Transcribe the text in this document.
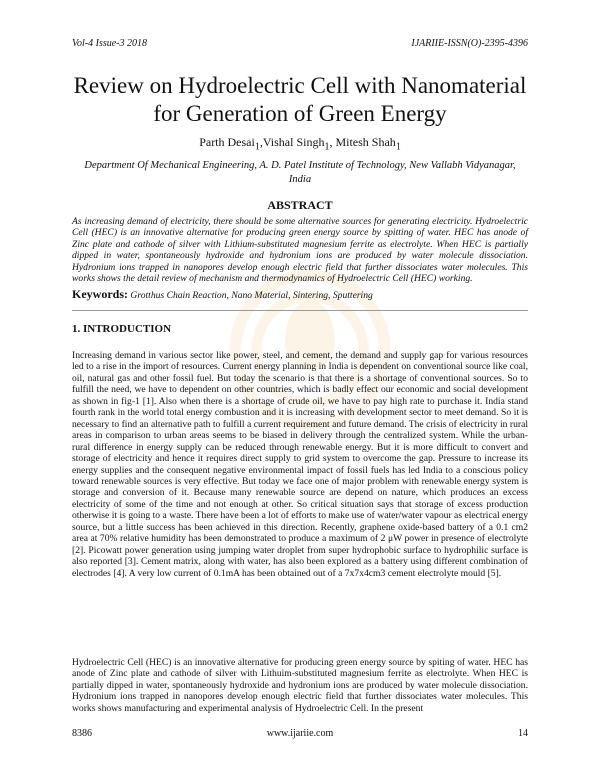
Vol-4 Issue-3 2018	IJARIIE-ISSN(O)-2395-4396
Review on Hydroelectric Cell with Nanomaterial for Generation of Green Energy
Parth Desai$_1$,Vishal Singh$_1$, Mitesh Shah$_1$
Department Of Mechanical Engineering, A. D. Patel Institute of Technology, New Vallabh Vidyanagar, India
ABSTRACT
As increasing demand of electricity, there should be some alternative sources for generating electricity. Hydroelectric Cell (HEC) is an innovative alternative for producing green energy source by spitting of water. HEC has anode of Zinc plate and cathode of silver with Lithium-substituted magnesium ferrite as electrolyte. When HEC is partially dipped in water, spontaneously hydroxide and hydronium ions are produced by water molecule dissociation. Hydronium ions trapped in nanopores develop enough electric field that further dissociates water molecules. This works shows the detail review of mechanism and thermodynamics of Hydroelectric Cell (HEC) working.
Keywords: Grotthus Chain Reaction, Nano Material, Sintering, Sputtering
1. INTRODUCTION
Increasing demand in various sector like power, steel, and cement, the demand and supply gap for various resources led to a rise in the import of resources. Current energy planning in India is dependent on conventional source like coal, oil, natural gas and other fossil fuel. But today the scenario is that there is a shortage of conventional sources. So to fulfill the need, we have to dependent on other countries, which is badly effect our economic and social development as shown in fig-1 [1]. Also when there is a shortage of crude oil, we have to pay high rate to purchase it. India stand fourth rank in the world total energy combustion and it is increasing with development sector to meet demand. So it is necessary to find an alternative path to fulfill a current requirement and future demand. The crisis of electricity in rural areas in comparison to urban areas seems to be biased in delivery through the centralized system. While the urban-rural difference in energy supply can be reduced through renewable energy. But it is more difficult to convert and storage of electricity and hence it requires direct supply to grid system to overcome the gap. Pressure to increase its energy supplies and the consequent negative environmental impact of fossil fuels has led India to a conscious policy toward renewable sources is very effective. But today we face one of major problem with renewable energy system is storage and conversion of it. Because many renewable source are depend on nature, which produces an excess electricity of some of the time and not enough at other. So critical situation says that storage of excess production otherwise it is going to a waste. There have been a lot of efforts to make use of water/water vapour as electrical energy source, but a little success has been achieved in this direction. Recently, graphene oxide-based battery of a 0.1 cm2 area at 70% relative humidity has been demonstrated to produce a maximum of 2 μW power in presence of electrolyte [2]. Picowatt power generation using jumping water droplet from super hydrophobic surface to hydrophilic surface is also reported [3]. Cement matrix, along with water, has also been explored as a battery using different combination of electrodes [4]. A very low current of 0.1mA has been obtained out of a 7x7x4cm3 cement electrolyte mould [5].
Hydroelectric Cell (HEC) is an innovative alternative for producing green energy source by spiting of water. HEC has anode of Zinc plate and cathode of silver with Lithuim-substituted magnesium ferrite as electrolyte. When HEC is partially dipped in water, spontaneously hydroxide and hydronium ions are produced by water molecule dissociation. Hydronium ions trapped in nanopores develop enough electric field that further dissociates water molecules. This works shows manufacturing and experimental analysis of Hydroelectric Cell. In the present
8386	www.ijariie.com	14
